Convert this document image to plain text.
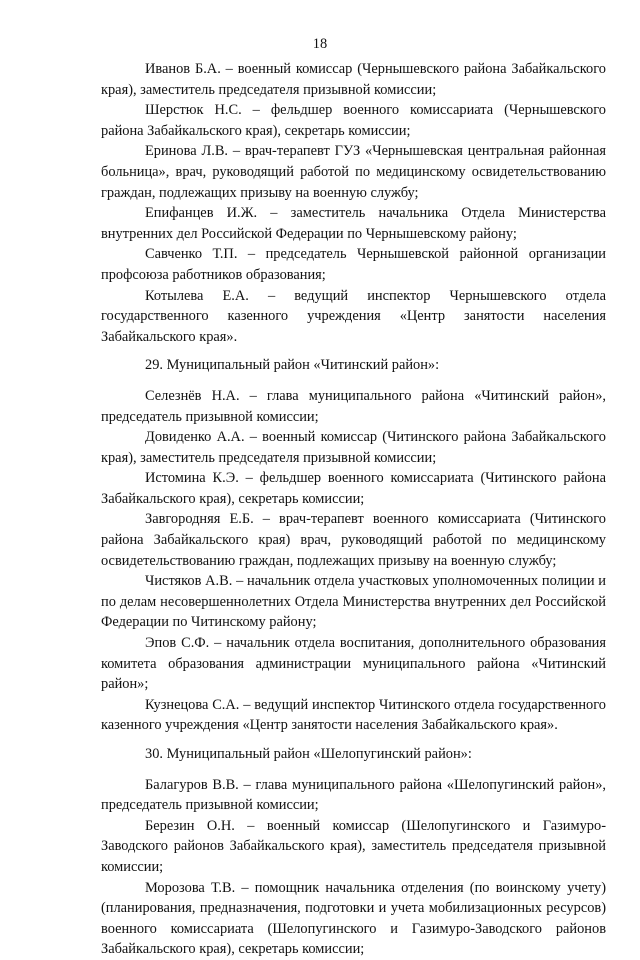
18

Иванов Б.А. – военный комиссар (Чернышевского района Забайкальского края), заместитель председателя призывной комиссии;

Шерстюк Н.С. – фельдшер военного комиссариата (Чернышевского района Забайкальского края), секретарь комиссии;

Еринова Л.В. – врач-терапевт ГУЗ «Чернышевская центральная районная больница», врач, руководящий работой по медицинскому освидетельствованию граждан, подлежащих призыву на военную службу;

Епифанцев И.Ж. – заместитель начальника Отдела Министерства внутренних дел Российской Федерации по Чернышевскому району;

Савченко Т.П. – председатель Чернышевской районной организации профсоюза работников образования;

Котылева Е.А. – ведущий инспектор Чернышевского отдела государственного казенного учреждения «Центр занятости населения Забайкальского края».

29. Муниципальный район «Читинский район»:

Селезнёв Н.А. – глава муниципального района «Читинский район», председатель призывной комиссии;

Довиденко А.А. – военный комиссар (Читинского района Забайкальского края), заместитель председателя призывной комиссии;

Истомина К.Э. – фельдшер военного комиссариата (Читинского района Забайкальского края), секретарь комиссии;

Завгородняя Е.Б. – врач-терапевт военного комиссариата (Читинского района Забайкальского края) врач, руководящий работой по медицинскому освидетельствованию граждан, подлежащих призыву на военную службу;

Чистяков А.В. – начальник отдела участковых уполномоченных полиции и по делам несовершеннолетних Отдела Министерства внутренних дел Российской Федерации по Читинскому району;

Эпов С.Ф. – начальник отдела воспитания, дополнительного образования комитета образования администрации муниципального района «Читинский район»;

Кузнецова С.А. – ведущий инспектор Читинского отдела государственного казенного учреждения «Центр занятости населения Забайкальского края».

30. Муниципальный район «Шелопугинский район»:

Балагуров В.В. – глава муниципального района «Шелопугинский район», председатель призывной комиссии;

Березин О.Н. – военный комиссар (Шелопугинского и Газимуро-Заводского районов Забайкальского края), заместитель председателя призывной комиссии;

Морозова Т.В. – помощник начальника отделения (по воинскому учету) (планирования, предназначения, подготовки и учета мобилизационных ресурсов) военного комиссариата (Шелопугинского и Газимуро-Заводского районов Забайкальского края), секретарь комиссии;
